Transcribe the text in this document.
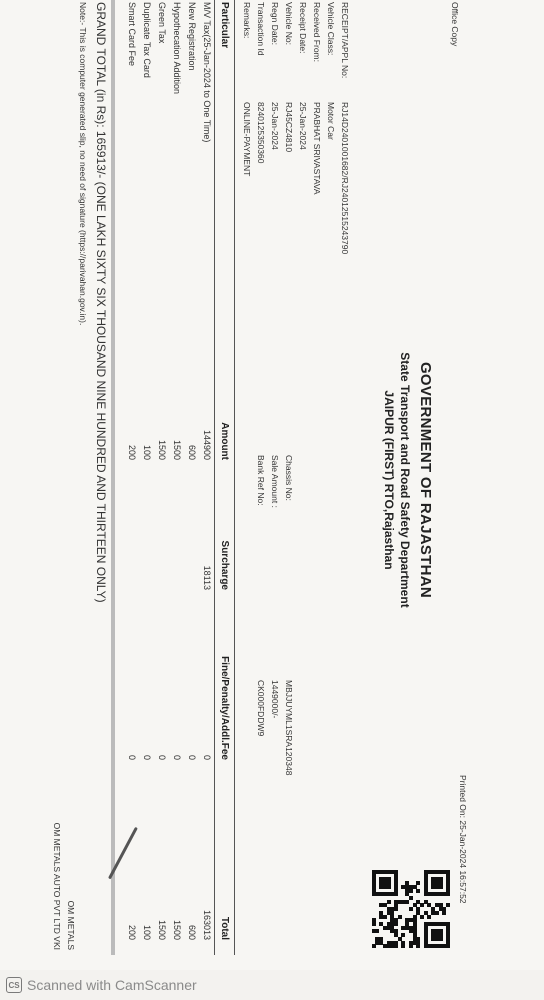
Office Copy
Printed On: 25-Jan-2024 16:57:52
GOVERNMENT OF RAJASTHAN
State Transport and Road Safety Department
JAIPUR (FIRST) RTO,Rajasthan
RECEIPT/APPL No:
Vehicle Class:
Received From:
Receipt Date:
Vehicle No:
Regn Date:
Transaction Id
Remarks:
RJ14D2401001682/RJ24012515243790
Motor Car
PRABHAT SRIVASTAVA
25-Jan-2024
RJ45CZ4810
25-Jan-2024
8240125350360
ONLINE-PAYMENT
Chassis No:
Sale Amount :
Bank Ref No:
MBJJUYML1SRA120348
1449000/-
CK000FDDW9
Particular
Amount
Surcharge
Fine/Penalty/Addl.Fee
Total
M/V Tax(25-Jan-2024 to One Time)
144900
18113
0
163013
New Registration
600
0
600
Hypothecation Addition
1500
0
1500
Green Tax
1500
0
1500
Duplicate Tax Card
100
0
100
Smart Card Fee
200
0
200
GRAND TOTAL (in Rs): 165913/- (ONE LAKH SIXTY SIX THOUSAND NINE HUNDRED AND THIRTEEN ONLY)
Note:- This is computer generated slip, no need of signature (https://parivahan.gov.in).
OM METALS
OM METALS AUTO PVT LTD VKI
CS Scanned with CamScanner
